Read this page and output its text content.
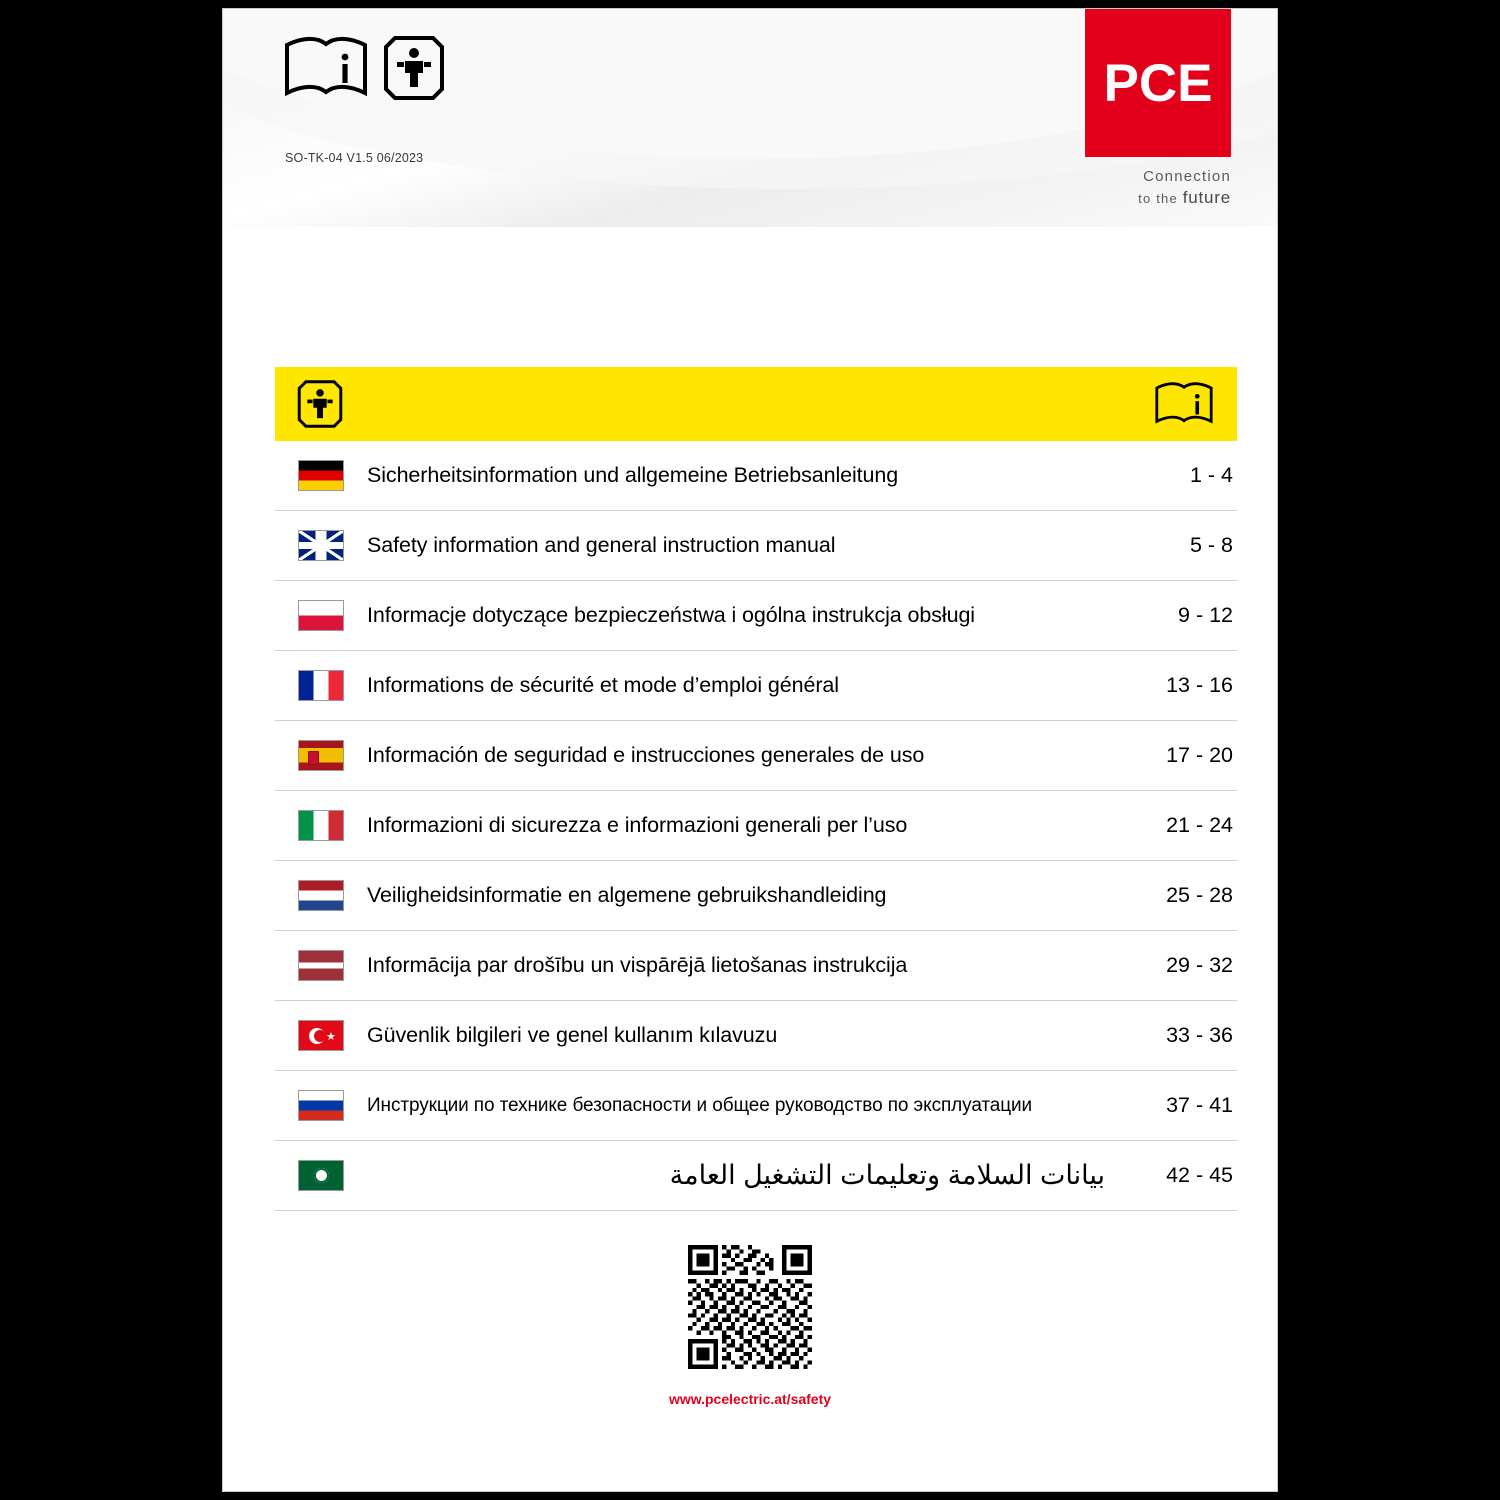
SO-TK-04 V1.5 06/2023
PCE
Connection
to the future
Sicherheitsinformation und allgemeine Betriebsanleitung	1 - 4
Safety information and general instruction manual	5 - 8
Informacje dotyczące bezpieczeństwa i ogólna instrukcja obsługi	9 - 12
Informations de sécurité et mode d’emploi général	13 - 16
Información de seguridad e instrucciones generales de uso	17 - 20
Informazioni di sicurezza e informazioni generali per l’uso	21 - 24
Veiligheidsinformatie en algemene gebruikshandleiding	25 - 28
Informācija par drošību un vispārējā lietošanas instrukcija	29 - 32
★ Güvenlik bilgileri ve genel kullanım kılavuzu	33 - 36
Инструкции по технике безопасности и общее руководство по эксплуатации	37 - 41
بيانات السلامة وتعليمات التشغيل العامة	42 - 45
www.pcelectric.at/safety
